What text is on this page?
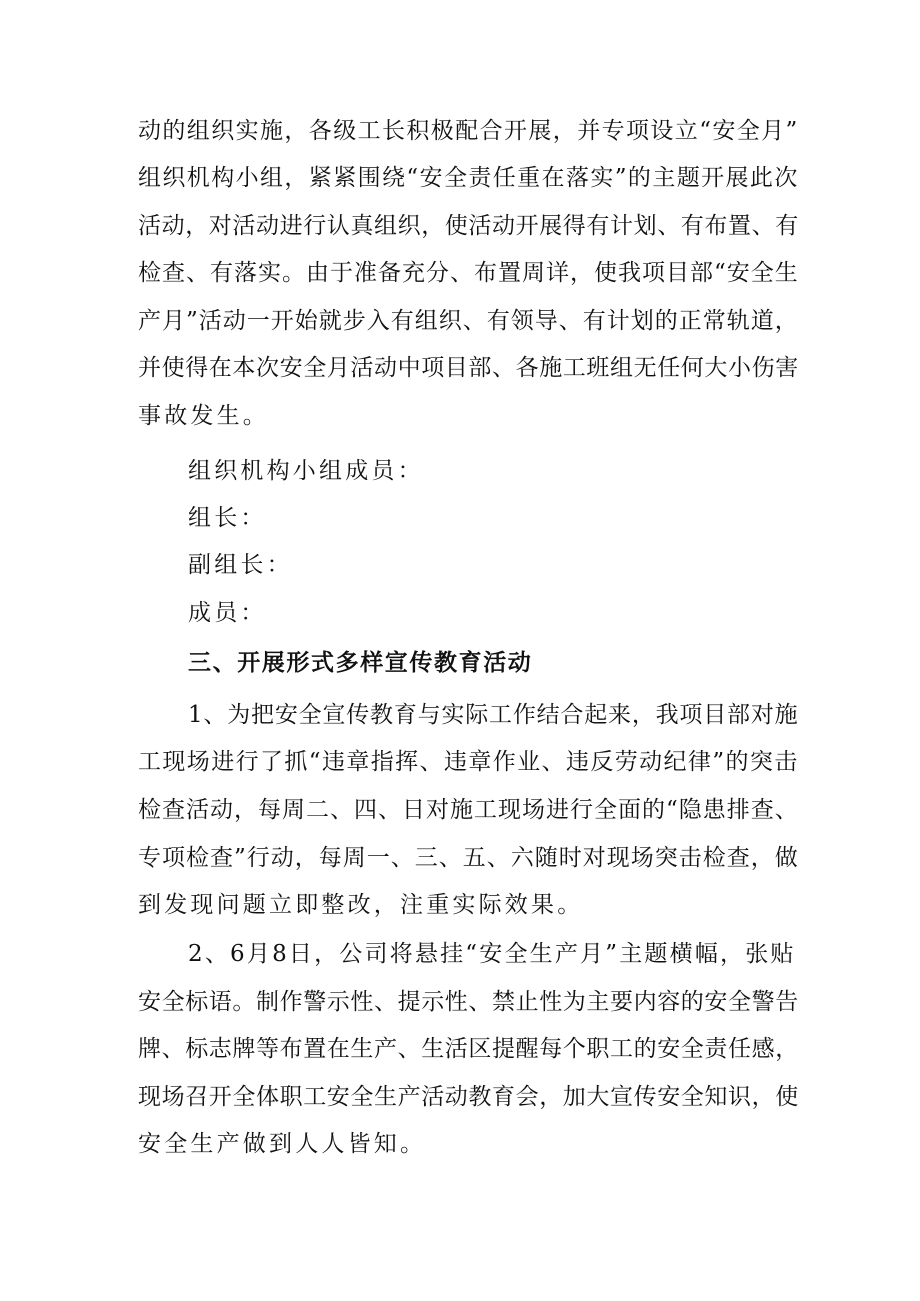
动的组织实施，各级工长积极配合开展，并专项设立“安全月”
组织机构小组，紧紧围绕“安全责任重在落实”的主题开展此次
活动，对活动进行认真组织，使活动开展得有计划、有布置、有
检查、有落实。由于准备充分、布置周详，使我项目部“安全生
产月”活动一开始就步入有组织、有领导、有计划的正常轨道，
并使得在本次安全月活动中项目部、各施工班组无任何大小伤害
事故发生。
组织机构小组成员：
组长：
副组长：
成员：
三、开展形式多样宣传教育活动
1、为把安全宣传教育与实际工作结合起来，我项目部对施
工现场进行了抓“违章指挥、违章作业、违反劳动纪律”的突击
检查活动，每周二、四、日对施工现场进行全面的“隐患排查、
专项检查”行动，每周一、三、五、六随时对现场突击检查，做
到发现问题立即整改，注重实际效果。
2、6月8日，公司将悬挂“安全生产月”主题横幅，张贴
安全标语。制作警示性、提示性、禁止性为主要内容的安全警告
牌、标志牌等布置在生产、生活区提醒每个职工的安全责任感，
现场召开全体职工安全生产活动教育会，加大宣传安全知识，使
安全生产做到人人皆知。
